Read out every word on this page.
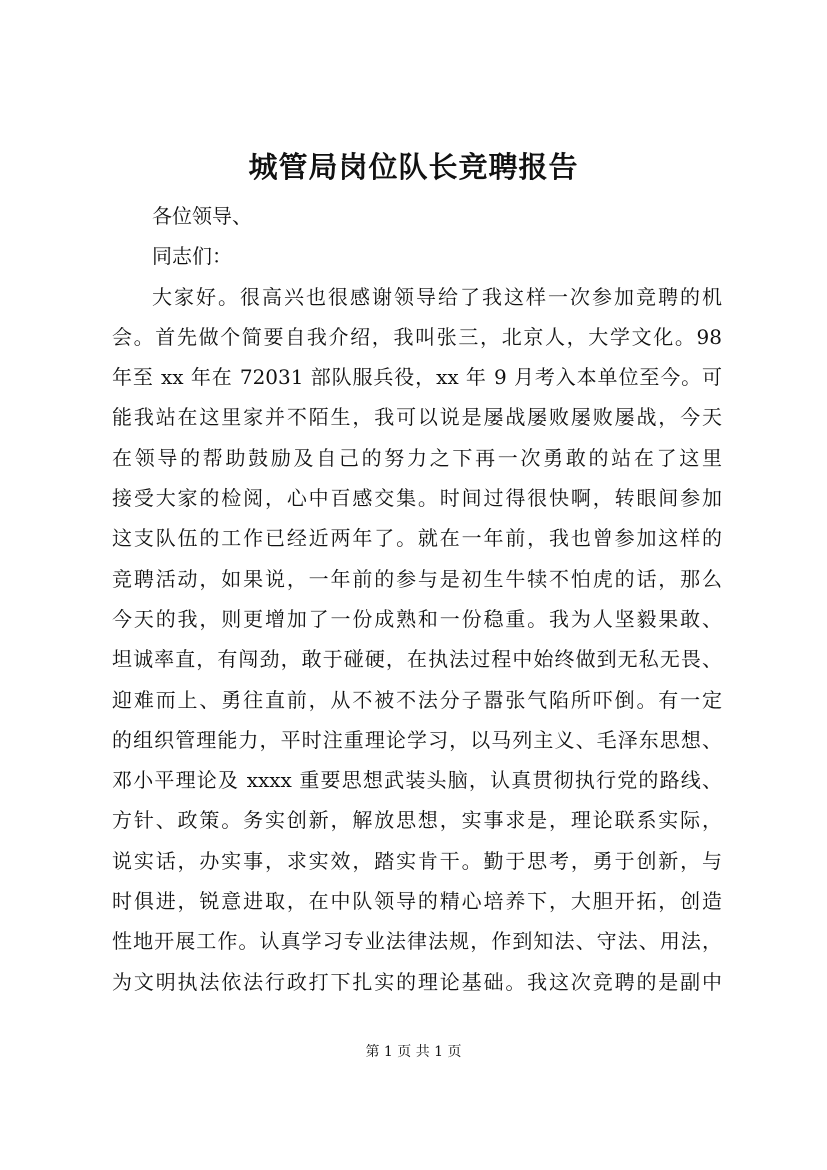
城管局岗位队长竞聘报告
各位领导、
同志们：
大家好。很高兴也很感谢领导给了我这样一次参加竞聘的机
会。首先做个简要自我介绍，我叫张三，北京人，大学文化。98
年至 xx 年在 72031 部队服兵役，xx 年 9 月考入本单位至今。可
能我站在这里家并不陌生，我可以说是屡战屡败屡败屡战，今天
在领导的帮助鼓励及自己的努力之下再一次勇敢的站在了这里
接受大家的检阅，心中百感交集。时间过得很快啊，转眼间参加
这支队伍的工作已经近两年了。就在一年前，我也曾参加这样的
竞聘活动，如果说，一年前的参与是初生牛犊不怕虎的话，那么
今天的我，则更增加了一份成熟和一份稳重。我为人坚毅果敢、
坦诚率直，有闯劲，敢于碰硬，在执法过程中始终做到无私无畏、
迎难而上、勇往直前，从不被不法分子嚣张气陷所吓倒。有一定
的组织管理能力，平时注重理论学习，以马列主义、毛泽东思想、
邓小平理论及 xxxx 重要思想武装头脑，认真贯彻执行党的路线、
方针、政策。务实创新，解放思想，实事求是，理论联系实际，
说实话，办实事，求实效，踏实肯干。勤于思考，勇于创新，与
时俱进，锐意进取，在中队领导的精心培养下，大胆开拓，创造
性地开展工作。认真学习专业法律法规，作到知法、守法、用法，
为文明执法依法行政打下扎实的理论基础。我这次竞聘的是副中
第 1 页 共 1 页
